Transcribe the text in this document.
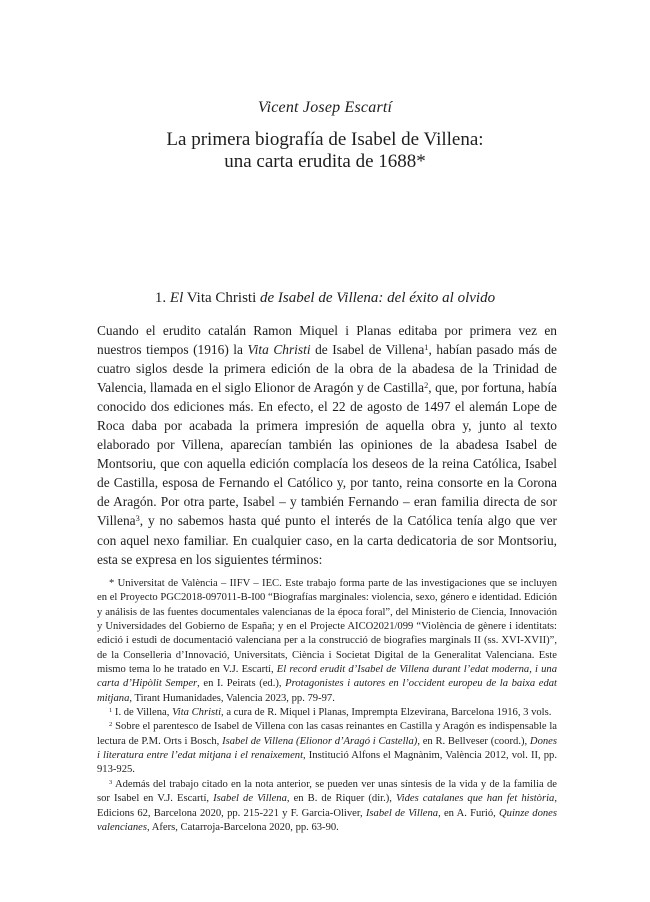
Vicent Josep Escartí

La primera biografía de Isabel de Villena:
una carta erudita de 1688*
1. El Vita Christi de Isabel de Villena: del éxito al olvido

Cuando el erudito catalán Ramon Miquel i Planas editaba por primera vez en nuestros tiempos (1916) la Vita Christi de Isabel de Villena$^1$, habían pasado más de cuatro siglos desde la primera edición de la obra de la abadesa de la Trinidad de Valencia, llamada en el siglo Elionor de Aragón y de Castilla$^2$, que, por fortuna, había conocido dos ediciones más. En efecto, el 22 de agosto de 1497 el alemán Lope de Roca daba por acabada la primera impresión de aquella obra y, junto al texto elaborado por Villena, aparecían también las opiniones de la abadesa Isabel de Montsoriu, que con aquella edición complacía los deseos de la reina Católica, Isabel de Castilla, esposa de Fernando el Católico y, por tanto, reina consorte en la Corona de Aragón. Por otra parte, Isabel – y también Fernando – eran familia directa de sor Villena$^3$, y no sabemos hasta qué punto el interés de la Católica tenía algo que ver con aquel nexo familiar. En cualquier caso, en la carta dedicatoria de sor Montsoriu, esta se expresa en los siguientes términos:

* Universitat de València – IIFV – IEC. Este trabajo forma parte de las investigaciones que se incluyen en el Proyecto PGC2018-097011-B-I00 “Biografías marginales: violencia, sexo, género e identidad. Edición y análisis de las fuentes documentales valencianas de la época foral”, del Ministerio de Ciencia, Innovación y Universidades del Gobierno de España; y en el Projecte AICO2021/099 “Violència de gènere i identitats: edició i estudi de documentació valenciana per a la construcció de biografies marginals II (ss. XVI-XVII)”, de la Conselleria d’Innovació, Universitats, Ciència i Societat Digital de la Generalitat Valenciana. Este mismo tema lo he tratado en V.J. Escartí, El record erudit d’Isabel de Villena durant l’edat moderna, i una carta d’Hipòlit Semper, en I. Peirats (ed.), Protagonistes i autores en l’occident europeu de la baixa edat mitjana, Tirant Humanidades, Valencia 2023, pp. 79-97.

$^1$ I. de Villena, Vita Christi, a cura de R. Miquel i Planas, Imprempta Elzevirana, Barcelona 1916, 3 vols.

$^2$ Sobre el parentesco de Isabel de Villena con las casas reinantes en Castilla y Aragón es indispensable la lectura de P.M. Orts i Bosch, Isabel de Villena (Elionor d’Aragó i Castella), en R. Bellveser (coord.), Dones i literatura entre l’edat mitjana i el renaixement, Institució Alfons el Magnànim, València 2012, vol. II, pp. 913-925.

$^3$ Además del trabajo citado en la nota anterior, se pueden ver unas síntesis de la vida y de la familia de sor Isabel en V.J. Escartí, Isabel de Villena, en B. de Riquer (dir.), Vides catalanes que han fet història, Edicions 62, Barcelona 2020, pp. 215-221 y F. Garcia-Oliver, Isabel de Villena, en A. Furió, Quinze dones valencianes, Afers, Catarroja-Barcelona 2020, pp. 63-90.
